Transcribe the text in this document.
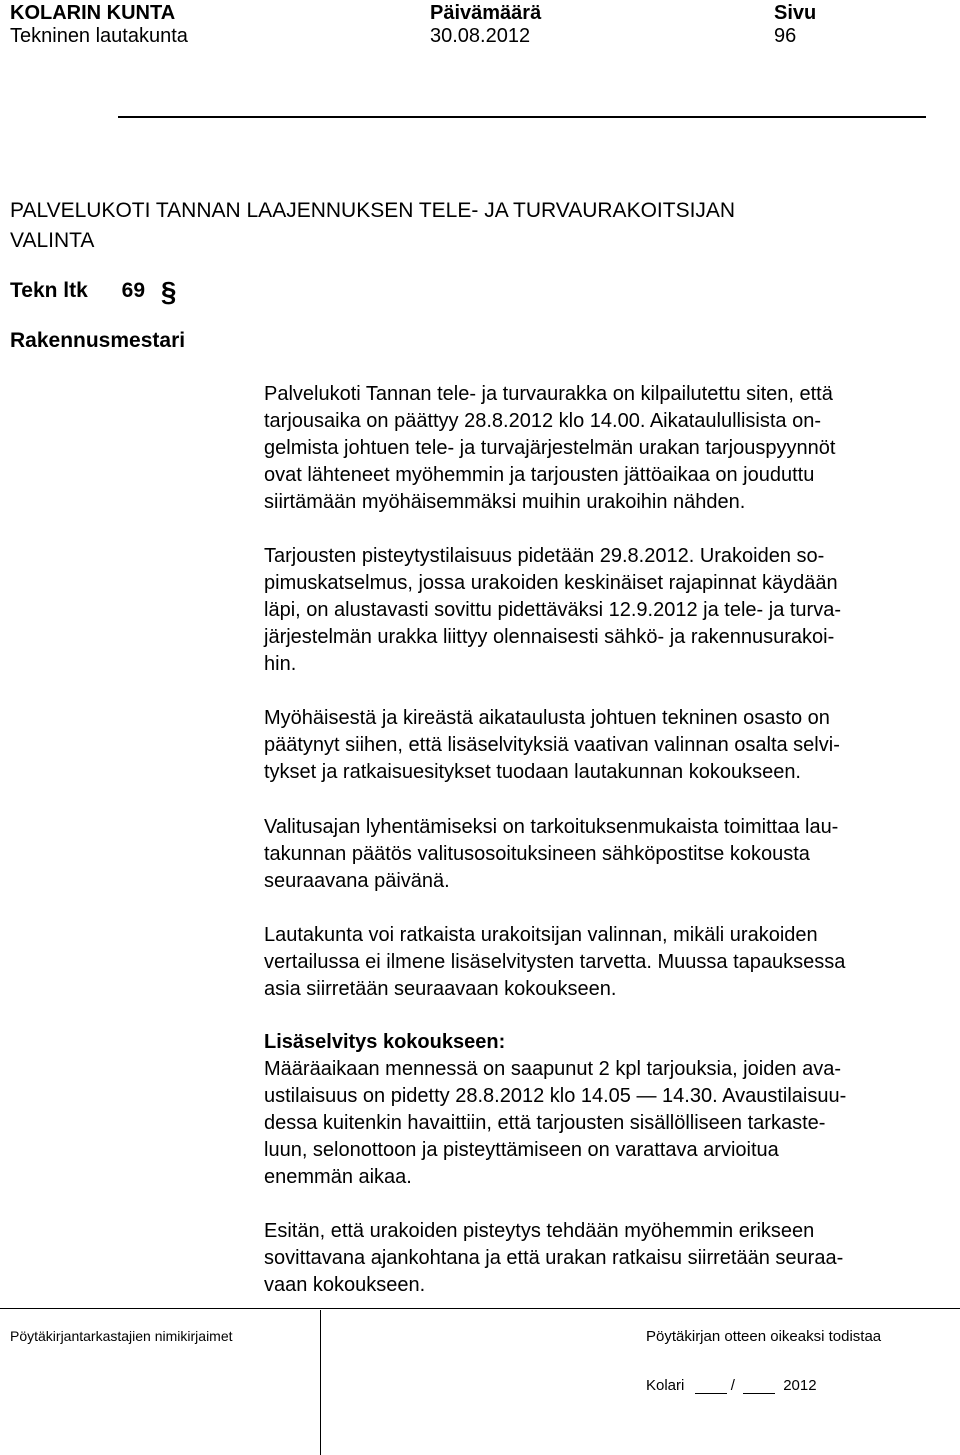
KOLARIN KUNTA
Tekninen lautakunta
Päivämäärä
30.08.2012
Sivu
96
PALVELUKOTI TANNAN LAAJENNUKSEN TELE- JA TURVAURAKOITSIJAN
VALINTA
Tekn ltk 69 §
Rakennusmestari
Palvelukoti Tannan tele- ja turvaurakka on kilpailutettu siten, että
tarjousaika on päättyy 28.8.2012 klo 14.00. Aikataulullisista on-
gelmista johtuen tele- ja turvajärjestelmän urakan tarjouspyynnöt
ovat lähteneet myöhemmin ja tarjousten jättöaikaa on jouduttu
siirtämään myöhäisemmäksi muihin urakoihin nähden.
Tarjousten pisteytystilaisuus pidetään 29.8.2012. Urakoiden so-
pimuskatselmus, jossa urakoiden keskinäiset rajapinnat käydään
läpi, on alustavasti sovittu pidettäväksi 12.9.2012 ja tele- ja turva-
järjestelmän urakka liittyy olennaisesti sähkö- ja rakennusurakoi-
hin.
Myöhäisestä ja kireästä aikataulusta johtuen tekninen osasto on
päätynyt siihen, että lisäselvityksiä vaativan valinnan osalta selvi-
tykset ja ratkaisuesitykset tuodaan lautakunnan kokoukseen.
Valitusajan lyhentämiseksi on tarkoituksenmukaista toimittaa lau-
takunnan päätös valitusosoituksineen sähköpostitse kokousta
seuraavana päivänä.
Lautakunta voi ratkaista urakoitsijan valinnan, mikäli urakoiden
vertailussa ei ilmene lisäselvitysten tarvetta. Muussa tapauksessa
asia siirretään seuraavaan kokoukseen.
Lisäselvitys kokoukseen:
Määräaikaan mennessä on saapunut 2 kpl tarjouksia, joiden ava-
ustilaisuus on pidetty 28.8.2012 klo 14.05 — 14.30. Avaustilaisuu-
dessa kuitenkin havaittiin, että tarjousten sisällölliseen tarkaste-
luun, selonottoon ja pisteyttämiseen on varattava arvioitua
enemmän aikaa.
Esitän, että urakoiden pisteytys tehdään myöhemmin erikseen
sovittavana ajankohtana ja että urakan ratkaisu siirretään seuraa-
vaan kokoukseen.
Pöytäkirjantarkastajien nimikirjaimet	Pöytäkirjan otteen oikeaksi todistaa
Kolari	/	2012
